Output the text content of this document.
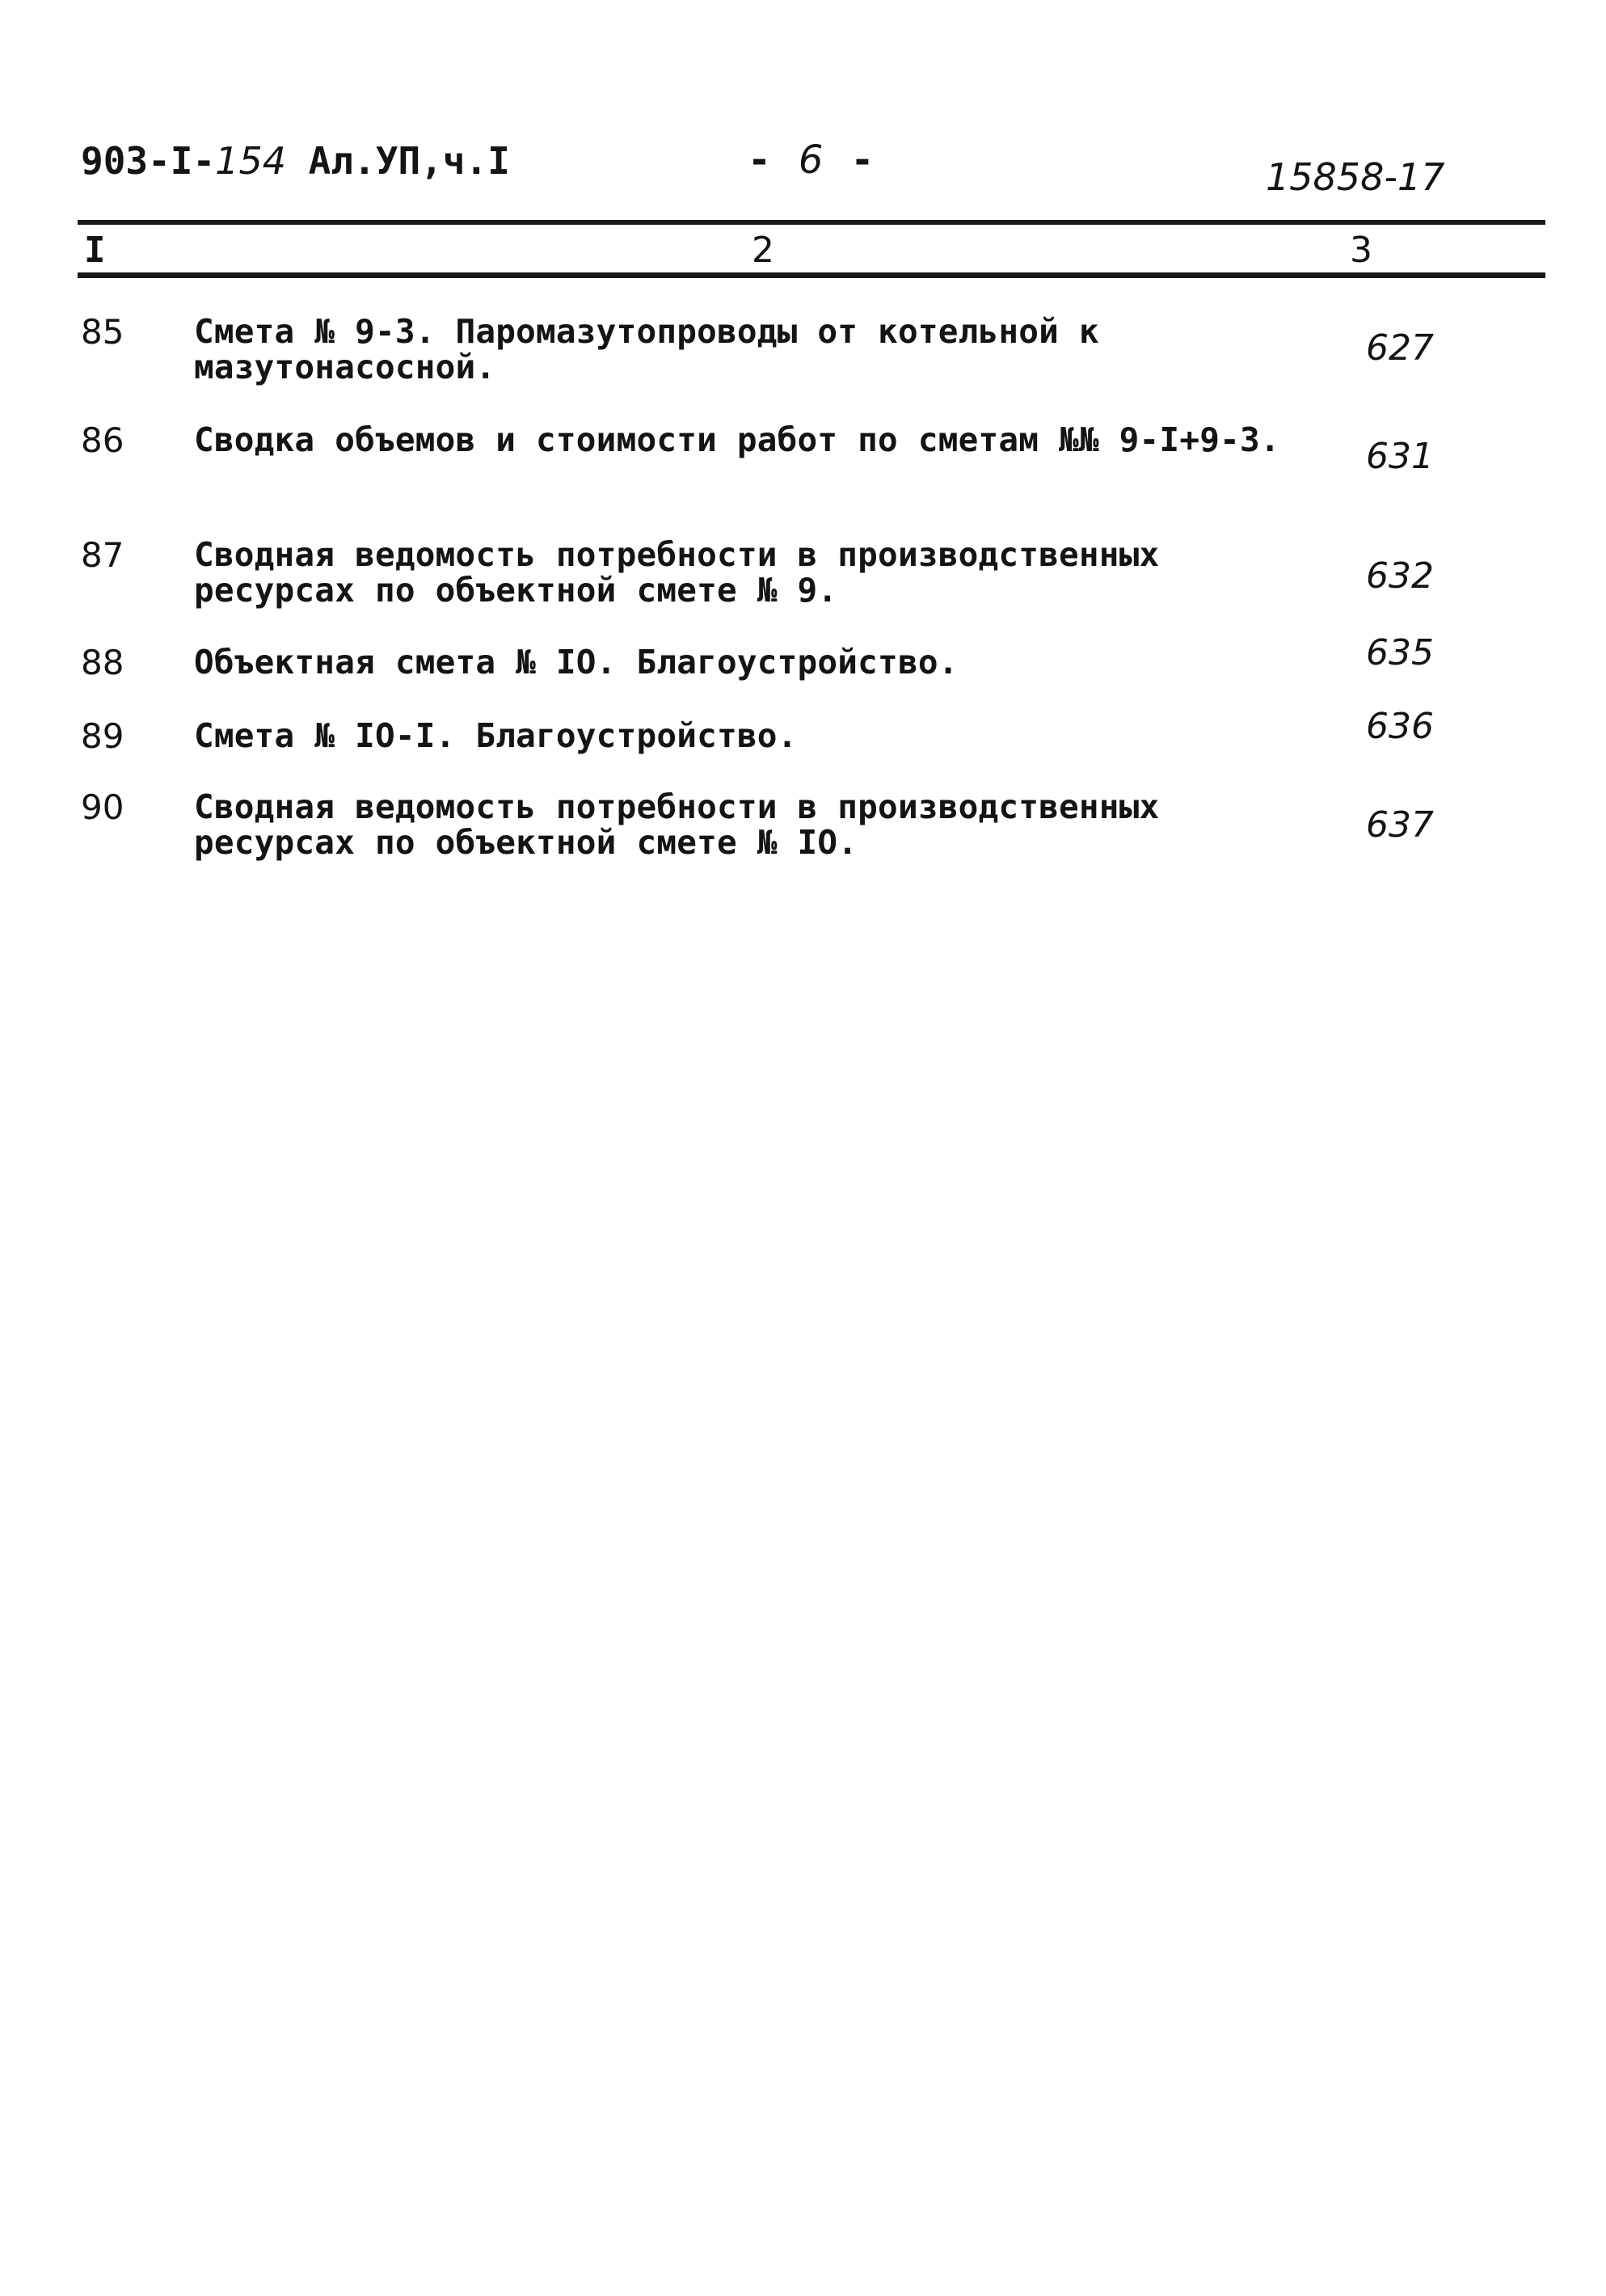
903-I-154 Ал.УП,ч.I	- 6 -	15858-17
I	2	3
85 Смета № 9-3. Паромазутопроводы от котельной к мазутонасосной.	627
86 Сводка объемов и стоимости работ по сметам №№ 9-I+9-3.	631
87 Сводная ведомость потребности в производственных ресурсах по объектной смете № 9.	632
88 Объектная смета № IO. Благоустройство.	635
89 Смета № IO-I. Благоустройство.	636
90 Сводная ведомость потребности в производственных ресурсах по объектной смете № IO.	637
